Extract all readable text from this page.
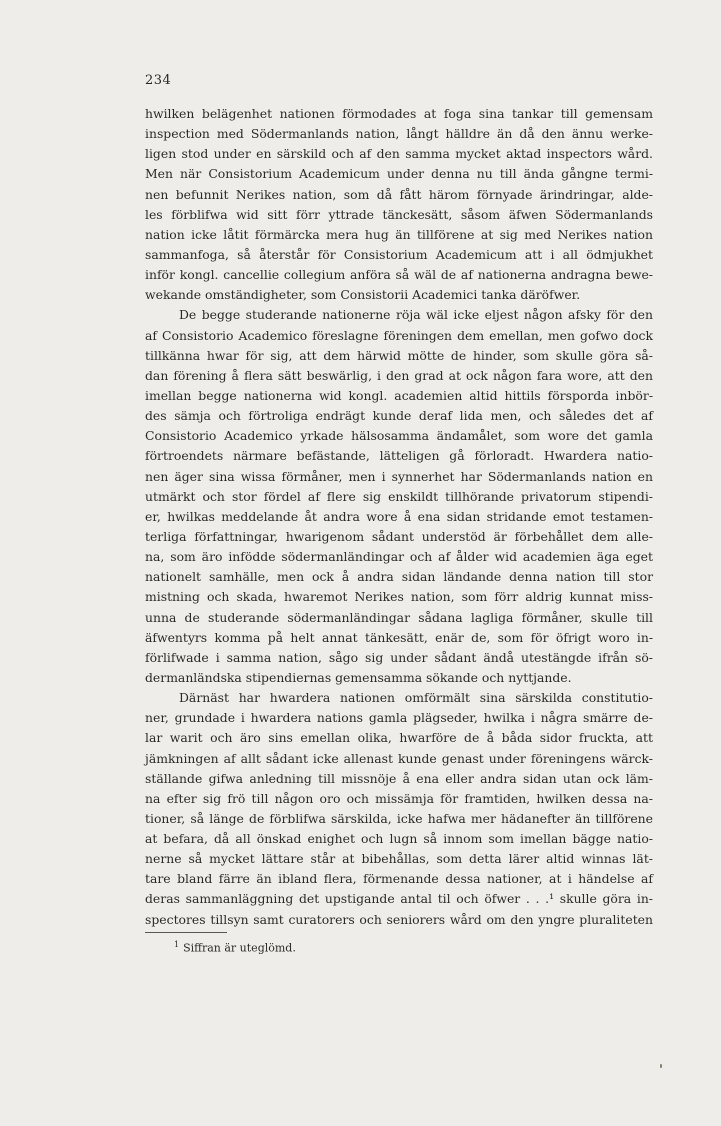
234
hwilken belägenhet nationen förmodades at foga sina tankar till gemensam
inspection med Södermanlands nation, långt hälldre än då den ännu werke-
ligen stod under en särskild och af den samma mycket aktad inspectors wård.
Men när Consistorium Academicum under denna nu till ända gångne termi-
nen befunnit Nerikes nation, som då fått härom förnyade ärindringar, alde-
les förblifwa wid sitt förr yttrade tänckesätt, såsom äfwen Södermanlands
nation icke låtit förmärcka mera hug än tillförene at sig med Nerikes nation
sammanfoga, så återstår för Consistorium Academicum att i all ödmjukhet
inför kongl. cancellie collegium anföra så wäl de af nationerna andragna bewe-
wekande omständigheter, som Consistorii Academici tanka däröfwer.
De begge studerande nationerne röja wäl icke eljest någon afsky för den
af Consistorio Academico föreslagne föreningen dem emellan, men gofwo dock
tillkänna hwar för sig, att dem härwid mötte de hinder, som skulle göra så-
dan förening å flera sätt beswärlig, i den grad at ock någon fara wore, att den
imellan begge nationerna wid kongl. academien altid hittils försporda inbör-
des sämja och förtroliga endrägt kunde deraf lida men, och således det af
Consistorio Academico yrkade hälsosamma ändamålet, som wore det gamla
förtroendets närmare befästande, lätteligen gå förloradt. Hwardera natio-
nen äger sina wissa förmåner, men i synnerhet har Södermanlands nation en
utmärkt och stor fördel af flere sig enskildt tillhörande privatorum stipendi-
er, hwilkas meddelande åt andra wore å ena sidan stridande emot testamen-
terliga författningar, hwarigenom sådant understöd är förbehållet dem alle-
na, som äro infödde södermanländingar och af ålder wid academien äga eget
nationelt samhälle, men ock å andra sidan ländande denna nation till stor
mistning och skada, hwaremot Nerikes nation, som förr aldrig kunnat miss-
unna de studerande södermanländingar sådana lagliga förmåner, skulle till
äfwentyrs komma på helt annat tänkesätt, enär de, som för öfrigt woro in-
förlifwade i samma nation, sågo sig under sådant ändå utestängde ifrån sö-
dermanländska stipendiernas gemensamma sökande och nyttjande.
Därnäst har hwardera nationen omförmält sina särskilda constitutio-
ner, grundade i hwardera nations gamla plägseder, hwilka i några smärre de-
lar warit och äro sins emellan olika, hwarföre de å båda sidor fruckta, att
jämkningen af allt sådant icke allenast kunde genast under föreningens wärck-
ställande gifwa anledning till missnöje å ena eller andra sidan utan ock läm-
na efter sig frö till någon oro och missämja för framtiden, hwilken dessa na-
tioner, så länge de förblifwa särskilda, icke hafwa mer hädanefter än tillförene
at befara, då all önskad enighet och lugn så innom som imellan bägge natio-
nerne så mycket lättare står at bibehållas, som detta lärer altid winnas lät-
tare bland färre än ibland flera, förmenande dessa nationer, at i händelse af
deras sammanläggning det upstigande antal til och öfwer . . .¹ skulle göra in-
spectores tillsyn samt curatorers och seniorers wård om den yngre pluraliteten
$^1$ Siffran är uteglömd.
